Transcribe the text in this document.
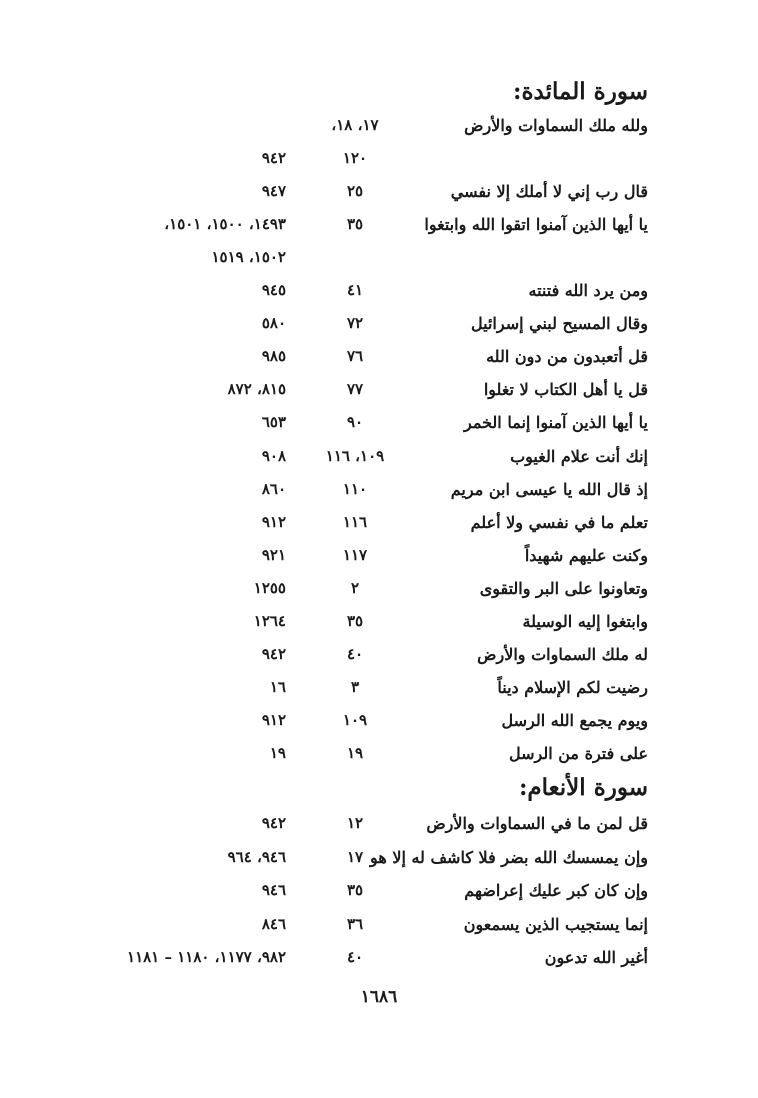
سورة المائدة:
ولله ملك السماوات والأرض
١٧، ١٨،
١٢٠
٩٤٢
قال رب إني لا أملك إلا نفسي
٢٥
٩٤٧
يا أيها الذين آمنوا اتقوا الله وابتغوا
٣٥
١٤٩٣، ١٥٠٠، ١٥٠١،
١٥٠٢، ١٥١٩
ومن يرد الله فتنته
٤١
٩٤٥
وقال المسيح لبني إسرائيل
٧٢
٥٨٠
قل أتعبدون من دون الله
٧٦
٩٨٥
قل يا أهل الكتاب لا تغلوا
٧٧
٨١٥، ٨٧٢
يا أيها الذين آمنوا إنما الخمر
٩٠
٦٥٣
إنك أنت علام الغيوب
١٠٩، ١١٦
٩٠٨
إذ قال الله يا عيسى ابن مريم
١١٠
٨٦٠
تعلم ما في نفسي ولا أعلم
١١٦
٩١٢
وكنت عليهم شهيداً
١١٧
٩٢١
وتعاونوا على البر والتقوى
٢
١٢٥٥
وابتغوا إليه الوسيلة
٣٥
١٢٦٤
له ملك السماوات والأرض
٤٠
٩٤٢
رضيت لكم الإسلام ديناً
٣
١٦
ويوم يجمع الله الرسل
١٠٩
٩١٢
على فترة من الرسل
١٩
١٩
سورة الأنعام:
قل لمن ما في السماوات والأرض
١٢
٩٤٢
وإن يمسسك الله بضر فلا كاشف له إلا هو
١٧
٩٤٦، ٩٦٤
وإن كان كبر عليك إعراضهم
٣٥
٩٤٦
إنما يستجيب الذين يسمعون
٣٦
٨٤٦
أغير الله تدعون
٤٠
٩٨٢، ١١٧٧، ١١٨٠ – ١١٨١
١٦٨٦
